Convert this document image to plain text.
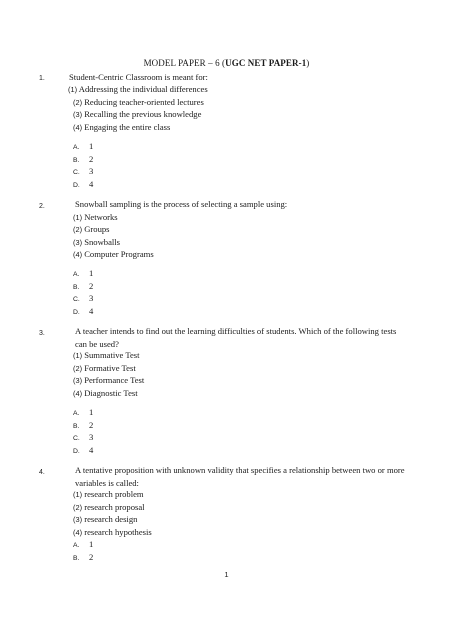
MODEL PAPER – 6 (UGC NET PAPER-1)
1.	Student-Centric Classroom is meant for:
(1) Addressing the individual differences
(2) Reducing teacher-oriented lectures
(3) Recalling the previous knowledge
(4) Engaging the entire class
A. 1
B. 2
C. 3
D. 4
2.	Snowball sampling is the process of selecting a sample using:
(1) Networks
(2) Groups
(3) Snowballs
(4) Computer Programs
A. 1
B. 2
C. 3
D. 4
3.	A teacher intends to find out the learning difficulties of students. Which of the following tests can be used?
(1) Summative Test
(2) Formative Test
(3) Performance Test
(4) Diagnostic Test
A. 1
B. 2
C. 3
D. 4
4.	A tentative proposition with unknown validity that specifies a relationship between two or more variables is called:
(1) research problem
(2) research proposal
(3) research design
(4) research hypothesis
A. 1
B. 2
1
